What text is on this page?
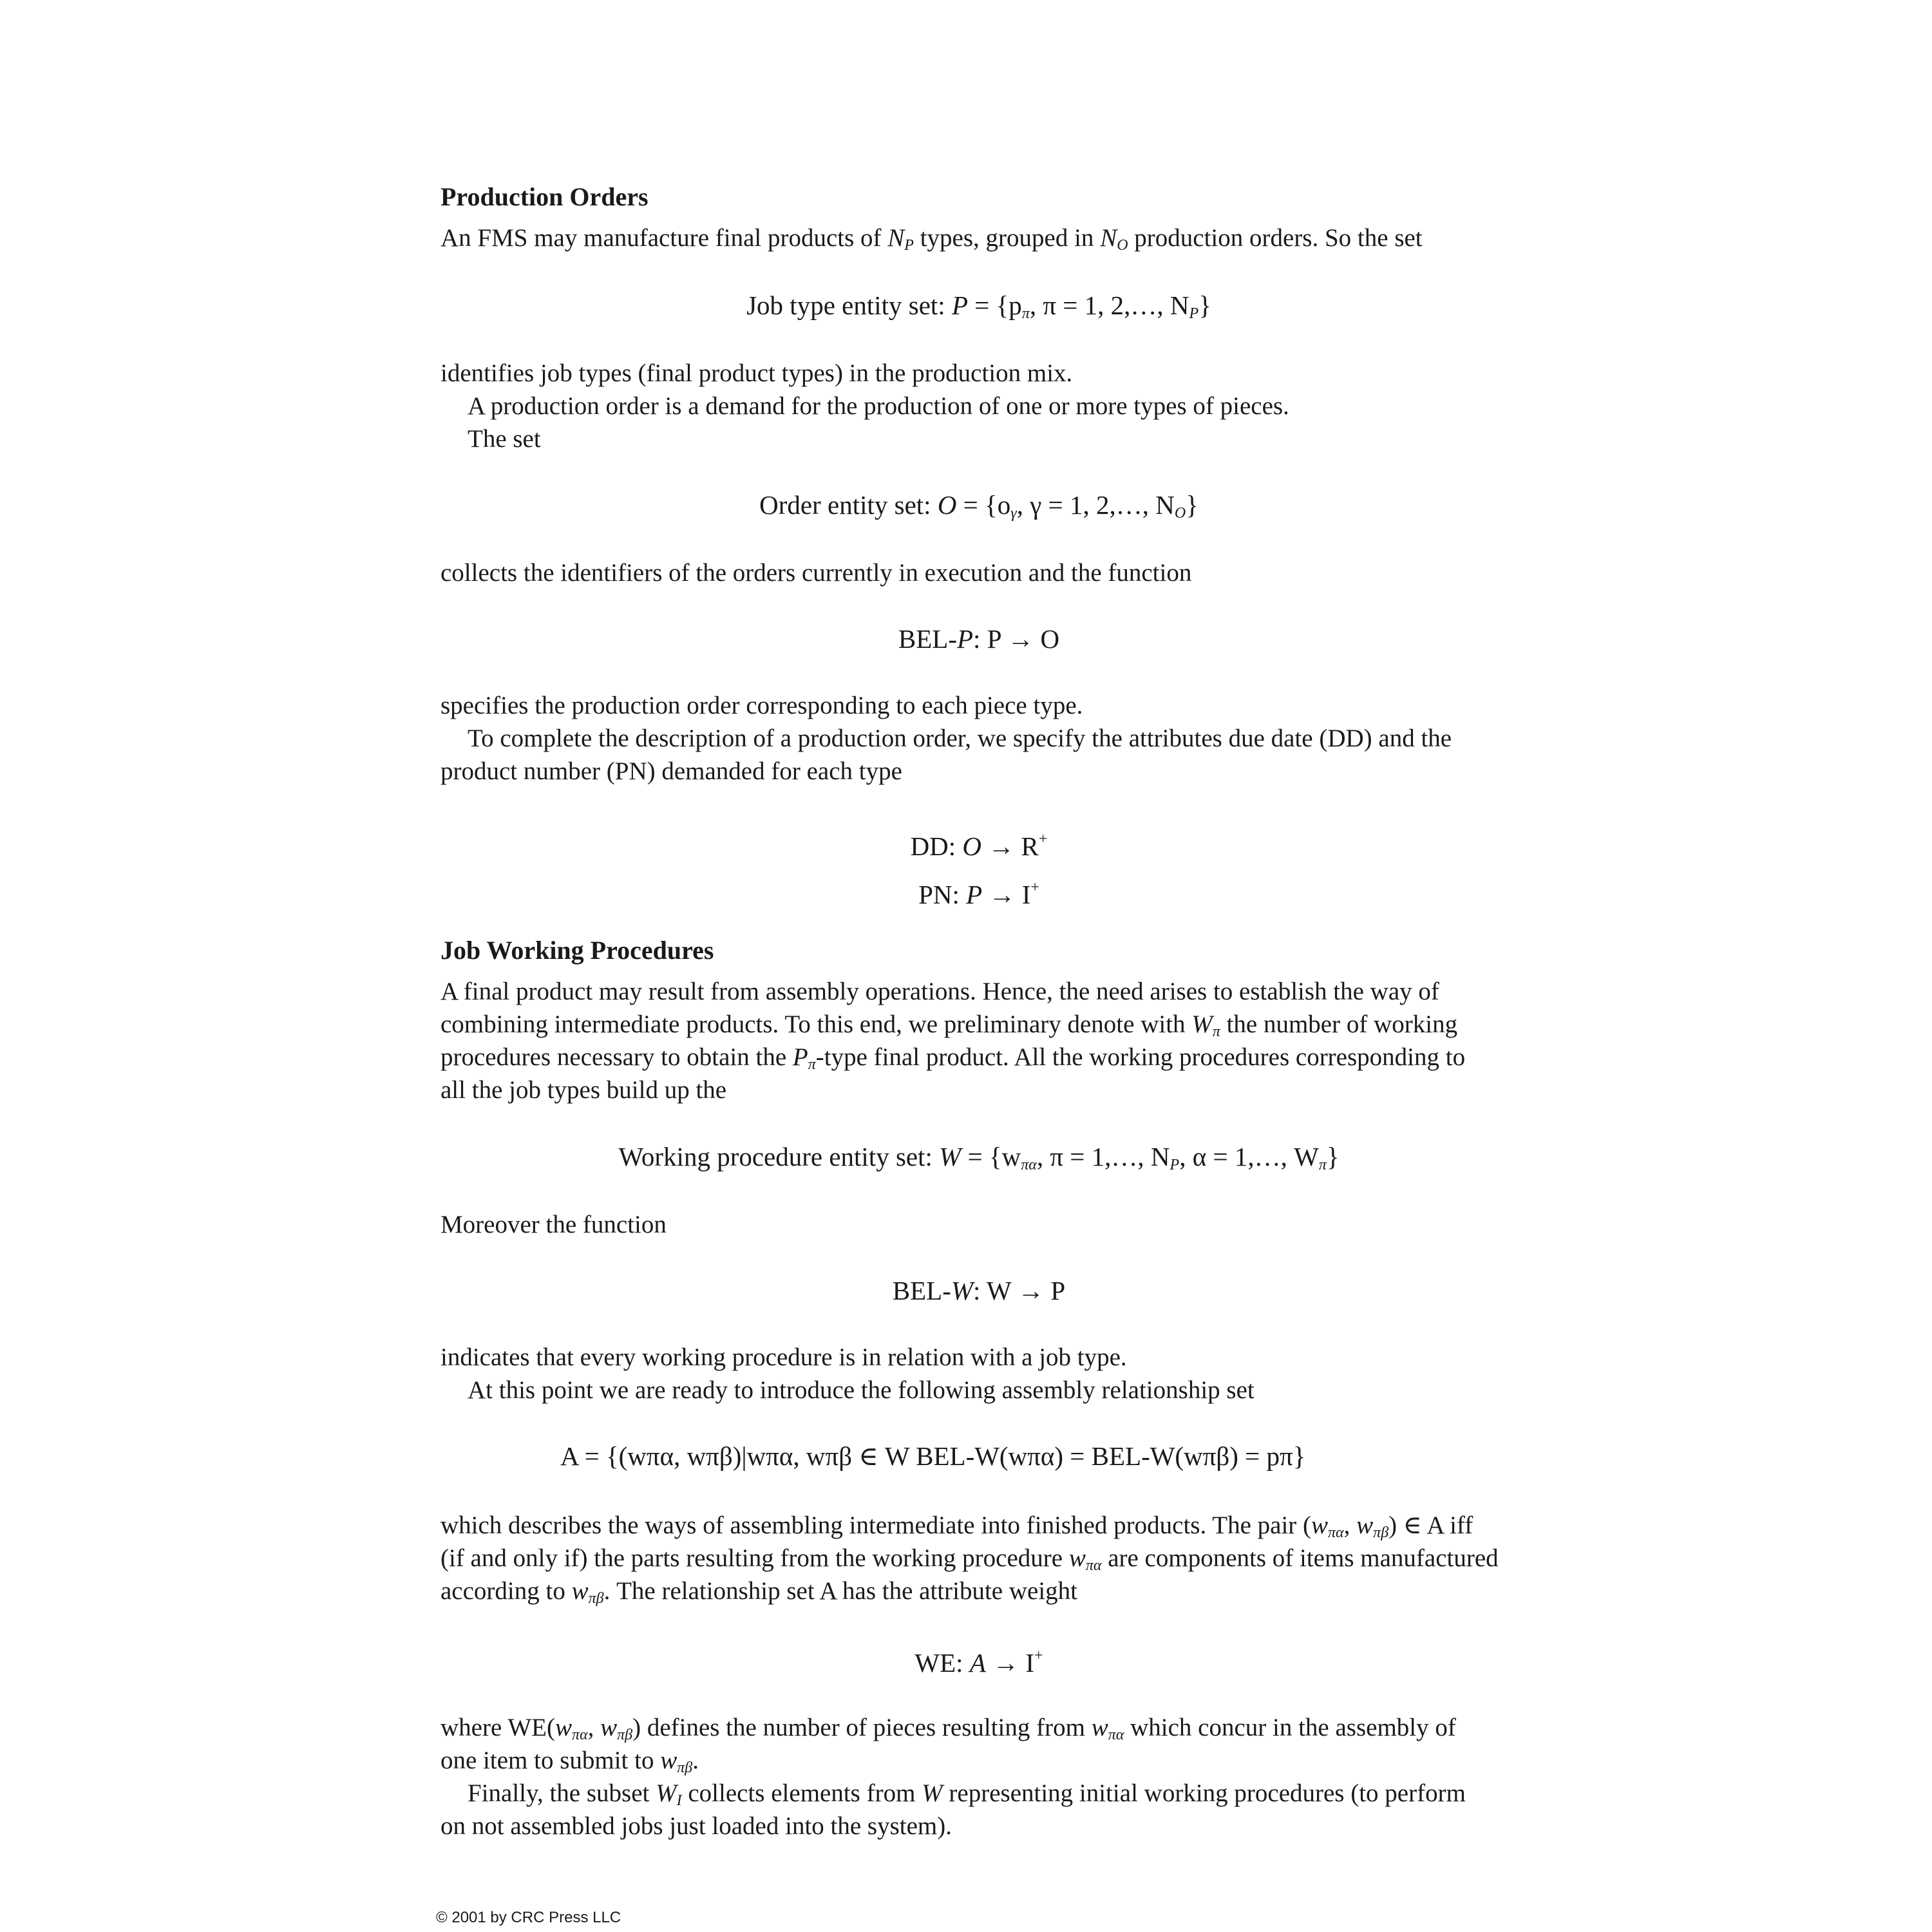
Production Orders
An FMS may manufacture final products of $N_P$ types, grouped in $N_O$ production orders. So the set
Job type entity set: $P = \{p_\pi$, π = 1, 2,…, $N_P$}
identifies job types (final product types) in the production mix.
A production order is a demand for the production of one or more types of pieces.
The set
Order entity set: $O = \{o_\gamma$, γ = 1, 2,…, $N_O$}
collects the identifiers of the orders currently in execution and the function
BEL-P: P → O
specifies the production order corresponding to each piece type.
To complete the description of a production order, we specify the attributes due date (DD) and the
product number (PN) demanded for each type
DD: O → R+
PN: P → I+
Job Working Procedures
A final product may result from assembly operations. Hence, the need arises to establish the way of
combining intermediate products. To this end, we preliminary denote with $W_\pi$ the number of working
procedures necessary to obtain the $P_\pi$-type final product. All the working procedures corresponding to
all the job types build up the
Working procedure entity set: $W = \{w_{\pi\alpha}$, π = 1,…, $N_P$, α = 1,…, $W_\pi$}
Moreover the function
BEL-W: W → P
indicates that every working procedure is in relation with a job type.
At this point we are ready to introduce the following assembly relationship set
A = {(wπα, wπβ)|wπα, wπβ ∈ W BEL-W(wπα) = BEL-W(wπβ) = pπ}
which describes the ways of assembling intermediate into finished products. The pair ($w_{\pi\alpha}$, $w_{\pi\beta}$) ∈ A iff
(if and only if) the parts resulting from the working procedure $w_{\pi\alpha}$ are components of items manufactured
according to $w_{\pi\beta}$. The relationship set A has the attribute weight
WE: A → I+
where $WE(w_{\pi\alpha}$, $w_{\pi\beta}$) defines the number of pieces resulting from $w_{\pi\alpha}$ which concur in the assembly of
one item to submit to $w_{\pi\beta}$.
Finally, the subset $W_I$ collects elements from W representing initial working procedures (to perform
on not assembled jobs just loaded into the system).
© 2001 by CRC Press LLC
